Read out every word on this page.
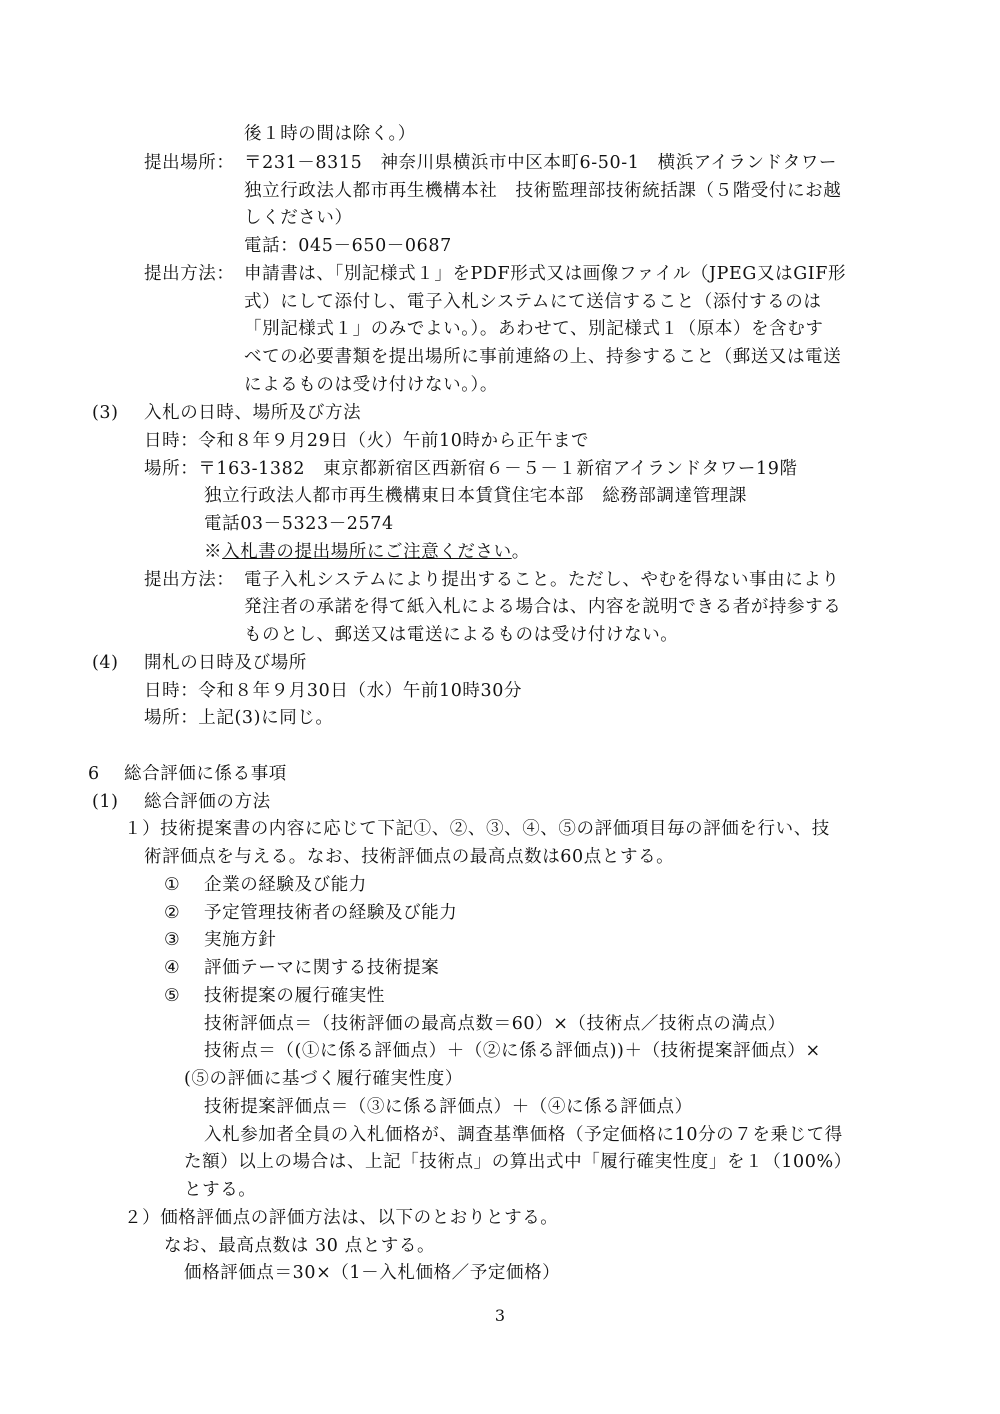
後１時の間は除く。）
提出場所： 〒231－8315　神奈川県横浜市中区本町6-50-1　横浜アイランドタワー
独立行政法人都市再生機構本社　技術監理部技術統括課（５階受付にお越
しください）
電話：045－650－0687
提出方法： 申請書は、「別記様式１」をPDF形式又は画像ファイル（JPEG又はGIF形
式）にして添付し、電子入札システムにて送信すること（添付するのは
「別記様式１」のみでよい。）。あわせて、別記様式１（原本）を含むす
べての必要書類を提出場所に事前連絡の上、持参すること（郵送又は電送
によるものは受け付けない。）。
(3) 入札の日時、場所及び方法
日時：令和８年９月29日（火）午前10時から正午まで
場所：〒163-1382　東京都新宿区西新宿６－５－１新宿アイランドタワー19階
独立行政法人都市再生機構東日本賃貸住宅本部　総務部調達管理課
電話03－5323－2574
※入札書の提出場所にご注意ください。
提出方法： 電子入札システムにより提出すること。ただし、やむを得ない事由により
発注者の承諾を得て紙入札による場合は、内容を説明できる者が持参する
ものとし、郵送又は電送によるものは受け付けない。
(4) 開札の日時及び場所
日時：令和８年９月30日（水）午前10時30分
場所：上記(3)に同じ。
6 総合評価に係る事項
(1) 総合評価の方法
１）技術提案書の内容に応じて下記①、②、③、④、⑤の評価項目毎の評価を行い、技
術評価点を与える。なお、技術評価点の最高点数は60点とする。
① 企業の経験及び能力
② 予定管理技術者の経験及び能力
③ 実施方針
④ 評価テーマに関する技術提案
⑤ 技術提案の履行確実性
技術評価点＝（技術評価の最高点数＝60）×（技術点／技術点の満点）
技術点＝（(①に係る評価点）＋（②に係る評価点))＋（技術提案評価点）×
(⑤の評価に基づく履行確実性度）
技術提案評価点＝（③に係る評価点）＋（④に係る評価点）
入札参加者全員の入札価格が、調査基準価格（予定価格に10分の７を乗じて得
た額）以上の場合は、上記「技術点」の算出式中「履行確実性度」を１（100%）
とする。
２）価格評価点の評価方法は、以下のとおりとする。
なお、最高点数は 30 点とする。
価格評価点＝30×（1－入札価格／予定価格）
3
